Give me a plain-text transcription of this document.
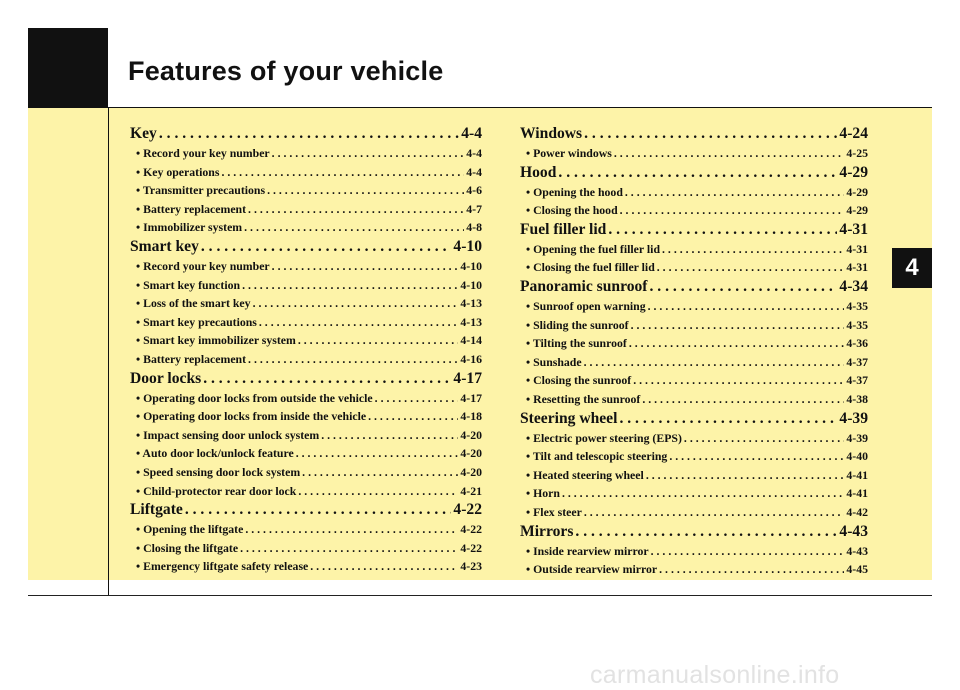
Features of your vehicle
4
Key . . .	4-4
• Record your key number . . .	4-4
• Key operations . . .	4-4
• Transmitter precautions . . .	4-6
• Battery replacement . . .	4-7
• Immobilizer system . . .	4-8
Smart key . . .	4-10
• Record your key number . . .	4-10
• Smart key function . . .	4-10
• Loss of the smart key . . .	4-13
• Smart key precautions . . .	4-13
• Smart key immobilizer system . . .	4-14
• Battery replacement . . .	4-16
Door locks . . .	4-17
• Operating door locks from outside the vehicle . . .	4-17
• Operating door locks from inside the vehicle . . .	4-18
• Impact sensing door unlock system . . .	4-20
• Auto door lock/unlock feature . . .	4-20
• Speed sensing door lock system . . .	4-20
• Child-protector rear door lock . . .	4-21
Liftgate . . .	4-22
• Opening the liftgate . . .	4-22
• Closing the liftgate . . .	4-22
• Emergency liftgate safety release . . .	4-23
Windows . . .	4-24
• Power windows . . .	4-25
Hood . . .	4-29
• Opening the hood . . .	4-29
• Closing the hood . . .	4-29
Fuel filler lid . . .	4-31
• Opening the fuel filler lid . . .	4-31
• Closing the fuel filler lid . . .	4-31
Panoramic sunroof . . .	4-34
• Sunroof open warning . . .	4-35
• Sliding the sunroof . . .	4-35
• Tilting the sunroof . . .	4-36
• Sunshade . . .	4-37
• Closing the sunroof . . .	4-37
• Resetting the sunroof . . .	4-38
Steering wheel . . .	4-39
• Electric power steering (EPS) . . .	4-39
• Tilt and telescopic steering . . .	4-40
• Heated steering wheel . . .	4-41
• Horn . . .	4-41
• Flex steer . . .	4-42
Mirrors . . .	4-43
• Inside rearview mirror . . .	4-43
• Outside rearview mirror . . .	4-45
carmanualsonline.info
